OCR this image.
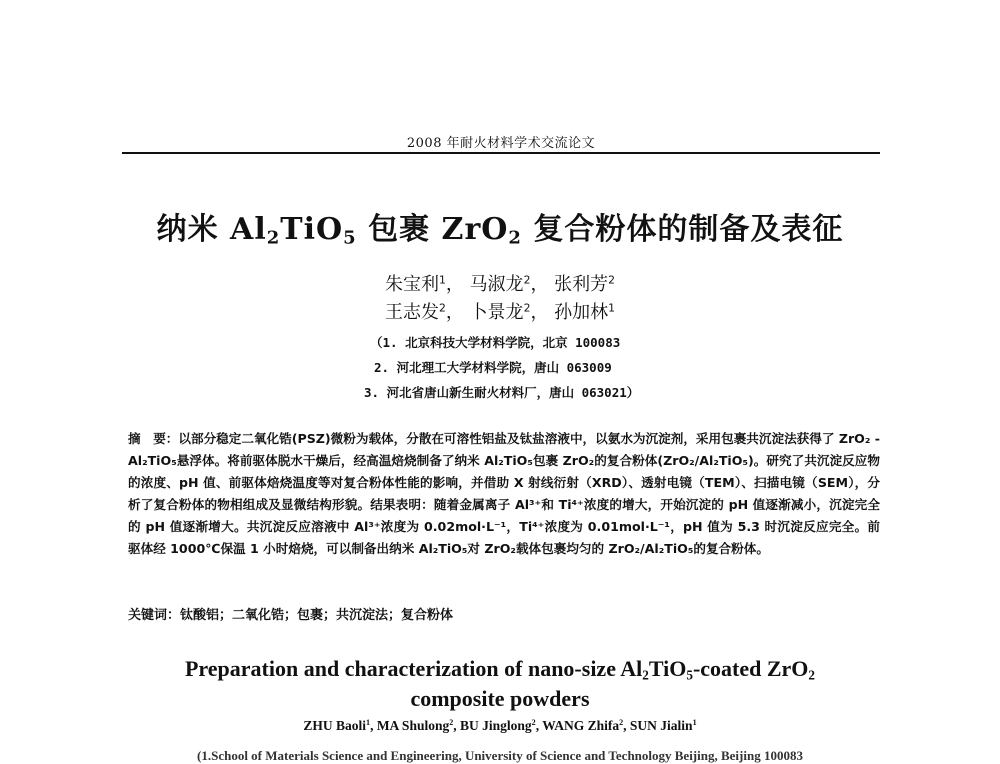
2008 年耐火材料学术交流论文
纳米 $Al_2TiO_5$ 包裹 ZrO$_2$ 复合粉体的制备及表征
朱宝利$^1$， 马淑龙$^2$， 张利芳$^2$
王志发$^2$， 卜景龙$^2$， 孙加林$^1$
（1. 北京科技大学材料学院，北京 100083
2. 河北理工大学材料学院，唐山 063009
3. 河北省唐山新生耐火材料厂，唐山 063021）
摘　要：以部分稳定二氧化锆(PSZ)微粉为载体，分散在可溶性铝盐及钛盐溶液中，以氨水为沉淀剂，采用包裹共沉淀法获得了 ZrO₂ -Al₂TiO₅悬浮体。将前驱体脱水干燥后，经高温焙烧制备了纳米 Al₂TiO₅包裹 ZrO₂的复合粉体(ZrO₂/Al₂TiO₅)。研究了共沉淀反应物的浓度、pH 值、前驱体焙烧温度等对复合粉体性能的影响，并借助 X 射线衍射（XRD）、透射电镜（TEM）、扫描电镜（SEM），分析了复合粉体的物相组成及显微结构形貌。结果表明：随着金属离子 Al³⁺和 Ti⁴⁺浓度的增大，开始沉淀的 pH 值逐渐减小，沉淀完全的 pH 值逐渐增大。共沉淀反应溶液中 Al³⁺浓度为 0.02mol·L⁻¹，Ti⁴⁺浓度为 0.01mol·L⁻¹，pH 值为 5.3 时沉淀反应完全。前驱体经 1000℃保温 1 小时焙烧，可以制备出纳米 Al₂TiO₅对 ZrO₂载体包裹均匀的 ZrO₂/Al₂TiO₅的复合粉体。
关键词：钛酸铝；二氧化锆；包裹；共沉淀法；复合粉体
Preparation and characterization of nano-size $Al_2TiO_5$-coated ZrO$_2$
composite powders
ZHU Baoli$^1$, MA Shulong$^2$, BU Jinglong$^2$, WANG Zhifa$^2$, SUN Jialin$^1$
(1.School of Materials Science and Engineering, University of Science and Technology Beijing, Beijing 100083
